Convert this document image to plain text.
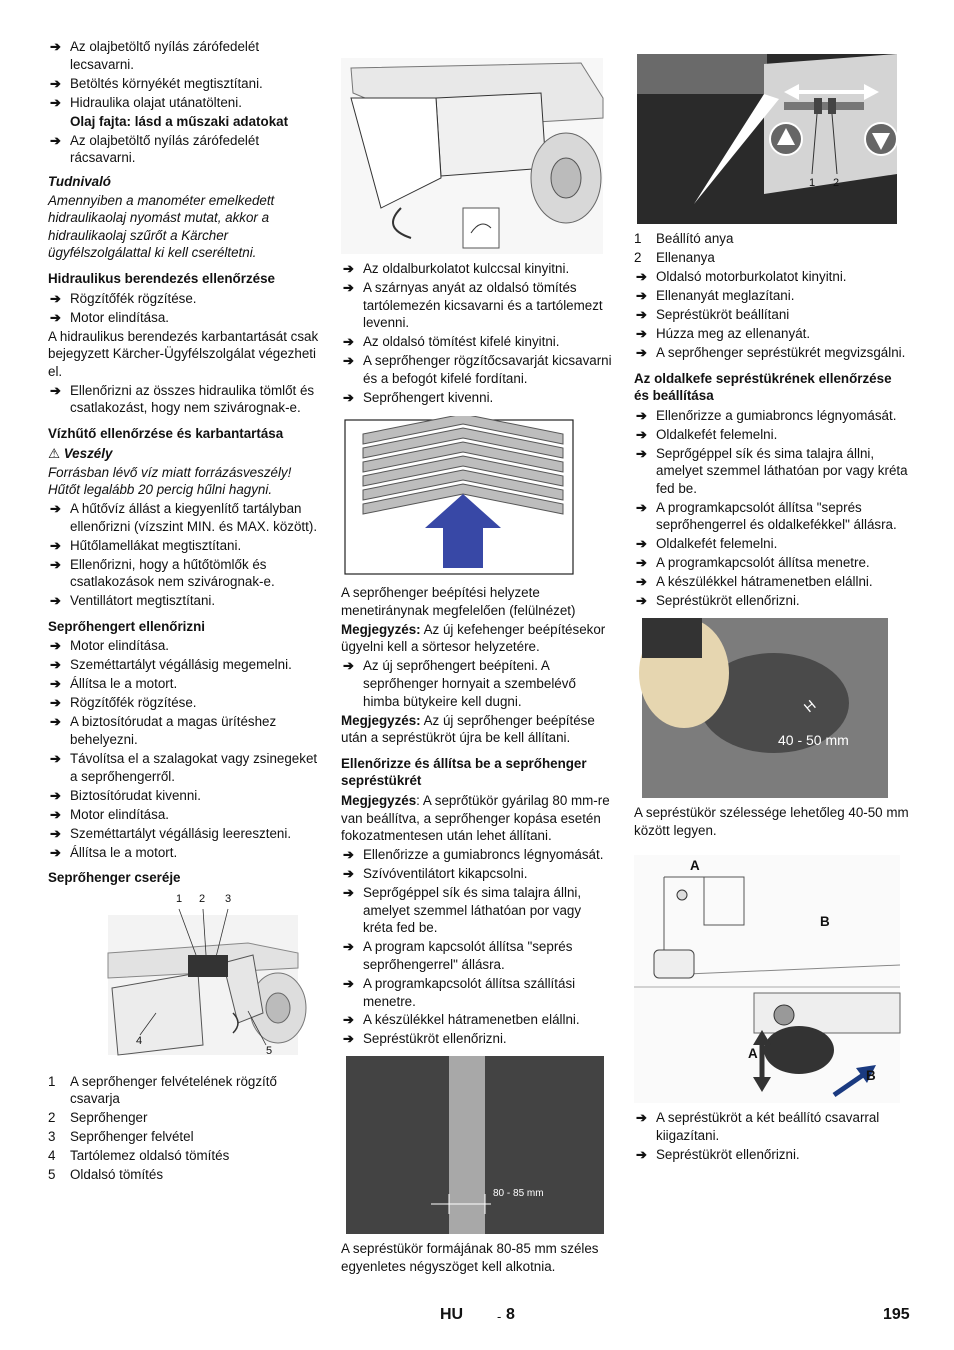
➔ Az olajbetöltő nyílás zárófedelét lecsavarni.
➔ Betöltés környékét megtisztítani.
➔ Hidraulika olajat utánatölteni.
Olaj fajta: lásd a műszaki adatokat
➔ Az olajbetöltő nyílás zárófedelét rácsavarni.
Tudnivaló
Amennyiben a manométer emelkedett hidraulikaolaj nyomást mutat, akkor a hidraulikaolaj szűrőt a Kärcher ügyfélszolgálattal ki kell cseréltetni.
Hidraulikus berendezés ellenőrzése
➔ Rögzítőfék rögzítése.
➔ Motor elindítása.
A hidraulikus berendezés karbantartását csak bejegyzett Kärcher-Ügyfélszolgálat végezheti el.
➔ Ellenőrizni az összes hidraulika tömlőt és csatlakozást, hogy nem szivárognak-e.
Vízhűtő ellenőrzése és karbantartása
⚠ Veszély
Forrásban lévő víz miatt forrázásveszély! Hűtőt legalább 20 percig hűlni hagyni.
➔ A hűtővíz állást a kiegyenlítő tartályban ellenőrizni (vízszint MIN. és MAX. között).
➔ Hűtőlamellákat megtisztítani.
➔ Ellenőrizni, hogy a hűtőtömlők és csatlakozások nem szivárognak-e.
➔ Ventillátort megtisztítani.
Seprőhengert ellenőrizni
➔ Motor elindítása.
➔ Szeméttartályt végállásig megemelni.
➔ Állítsa le a motort.
➔ Rögzítőfék rögzítése.
➔ A biztosítórudat a magas ürítéshez behelyezni.
➔ Távolítsa el a szalagokat vagy zsinegeket a seprőhengerről.
➔ Biztosítórudat kivenni.
➔ Motor elindítása.
➔ Szeméttartályt végállásig leereszteni.
➔ Állítsa le a motort.
Seprőhenger cseréje
1 2 3
4
5
1 A seprőhenger felvételének rögzítő csavarja
2 Seprőhenger
3 Seprőhenger felvétel
4 Tartólemez oldalsó tömítés
5 Oldalsó tömítés
➔ Az oldalburkolatot kulccsal kinyitni.
➔ A szárnyas anyát az oldalsó tömítés tartólemezén kicsavarni és a tartólemezt levenni.
➔ Az oldalsó tömítést kifelé kinyitni.
➔ A seprőhenger rögzítőcsavarját kicsavarni és a befogót kifelé fordítani.
➔ Seprőhengert kivenni.
A seprőhenger beépítési helyzete menetiránynak megfelelően (felülnézet)
Megjegyzés: Az új kefehenger beépítésekor ügyelni kell a sörtesor helyzetére.
➔ Az új seprőhengert beépíteni. A seprőhenger hornyait a szembelévő himba bütykeire kell dugni.
Megjegyzés: Az új seprőhenger beépítése után a sepréstükröt újra be kell állítani.
Ellenőrizze és állítsa be a seprőhenger sepréstükrét
Megjegyzés: A seprőtükör gyárilag 80 mm-re van beállítva, a seprőhenger kopása esetén fokozatmentesen után lehet állítani.
➔ Ellenőrizze a gumiabroncs légnyomását.
➔ Szívóventilátort kikapcsolni.
➔ Seprőgéppel sík és sima talajra állni, amelyet szemmel láthatóan por vagy kréta fed be.
➔ A program kapcsolót állítsa "seprés seprőhengerrel" állásra.
➔ A programkapcsolót állítsa szállítási menetre.
➔ A készülékkel hátramenetben elállni.
➔ Sepréstükröt ellenőrizni.
80 - 85 mm
A sepréstükör formájának 80-85 mm széles egyenletes négyszöget kell alkotnia.
1 2
1 Beállító anya
2 Ellenanya
➔ Oldalsó motorburkolatot kinyitni.
➔ Ellenanyát meglazítani.
➔ Sepréstükröt beállítani
➔ Húzza meg az ellenanyát.
➔ A seprőhenger sepréstükrét megvizsgálni.
Az oldalkefe sepréstükrének ellenőrzése és beállítása
➔ Ellenőrizze a gumiabroncs légnyomását.
➔ Oldalkefét felemelni.
➔ Seprőgéppel sík és sima talajra állni, amelyet szemmel láthatóan por vagy kréta fed be.
➔ A programkapcsolót állítsa "seprés seprőhengerrel és oldalkefékkel" állásra.
➔ Oldalkefét felemelni.
➔ A programkapcsolót állítsa menetre.
➔ A készülékkel hátramenetben elállni.
➔ Sepréstükröt ellenőrizni.
H
40 - 50 mm
A sepréstükör szélessége lehetőleg 40-50 mm között legyen.
A
B
A
B
➔ A sepréstükröt a két beállító csavarral kiigazítani.
➔ Sepréstükröt ellenőrizni.
HU	- 8	195
